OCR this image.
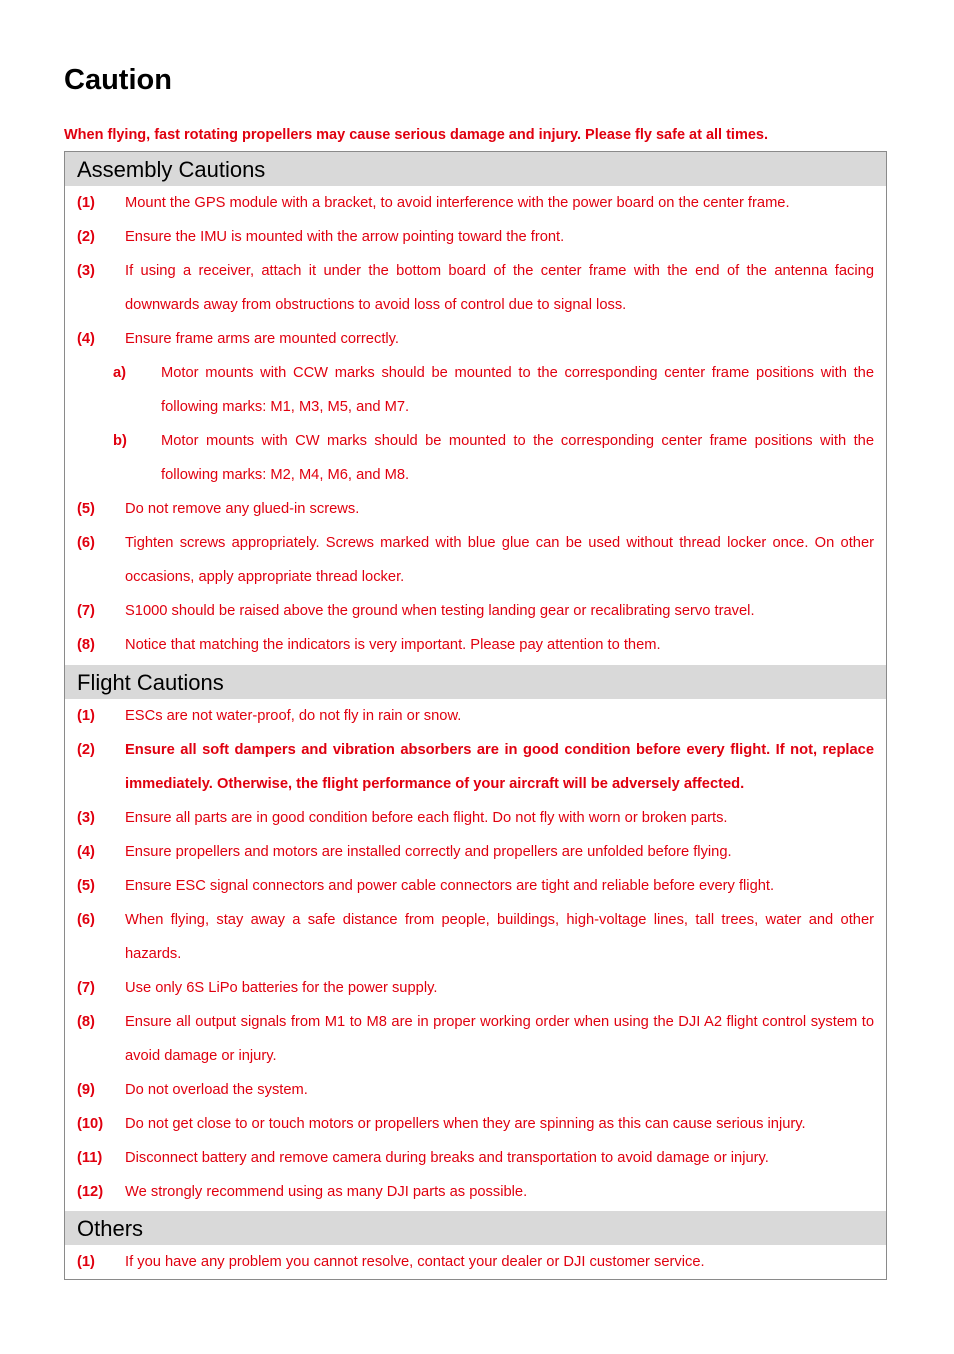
Caution

When flying, fast rotating propellers may cause serious damage and injury. Please fly safe at all times.

Assembly Cautions
(1) Mount the GPS module with a bracket, to avoid interference with the power board on the center frame.
(2) Ensure the IMU is mounted with the arrow pointing toward the front.
(3) If using a receiver, attach it under the bottom board of the center frame with the end of the antenna facing downwards away from obstructions to avoid loss of control due to signal loss.
(4) Ensure frame arms are mounted correctly.
a) Motor mounts with CCW marks should be mounted to the corresponding center frame positions with the following marks: M1, M3, M5, and M7.
b) Motor mounts with CW marks should be mounted to the corresponding center frame positions with the following marks: M2, M4, M6, and M8.
(5) Do not remove any glued-in screws.
(6) Tighten screws appropriately. Screws marked with blue glue can be used without thread locker once. On other occasions, apply appropriate thread locker.
(7) S1000 should be raised above the ground when testing landing gear or recalibrating servo travel.
(8) Notice that matching the indicators is very important. Please pay attention to them.
Flight Cautions
(1) ESCs are not water-proof, do not fly in rain or snow.
(2) Ensure all soft dampers and vibration absorbers are in good condition before every flight. If not, replace immediately. Otherwise, the flight performance of your aircraft will be adversely affected.
(3) Ensure all parts are in good condition before each flight. Do not fly with worn or broken parts.
(4) Ensure propellers and motors are installed correctly and propellers are unfolded before flying.
(5) Ensure ESC signal connectors and power cable connectors are tight and reliable before every flight.
(6) When flying, stay away a safe distance from people, buildings, high-voltage lines, tall trees, water and other hazards.
(7) Use only 6S LiPo batteries for the power supply.
(8) Ensure all output signals from M1 to M8 are in proper working order when using the DJI A2 flight control system to avoid damage or injury.
(9) Do not overload the system.
(10) Do not get close to or touch motors or propellers when they are spinning as this can cause serious injury.
(11) Disconnect battery and remove camera during breaks and transportation to avoid damage or injury.
(12) We strongly recommend using as many DJI parts as possible.
Others
(1) If you have any problem you cannot resolve, contact your dealer or DJI customer service.
